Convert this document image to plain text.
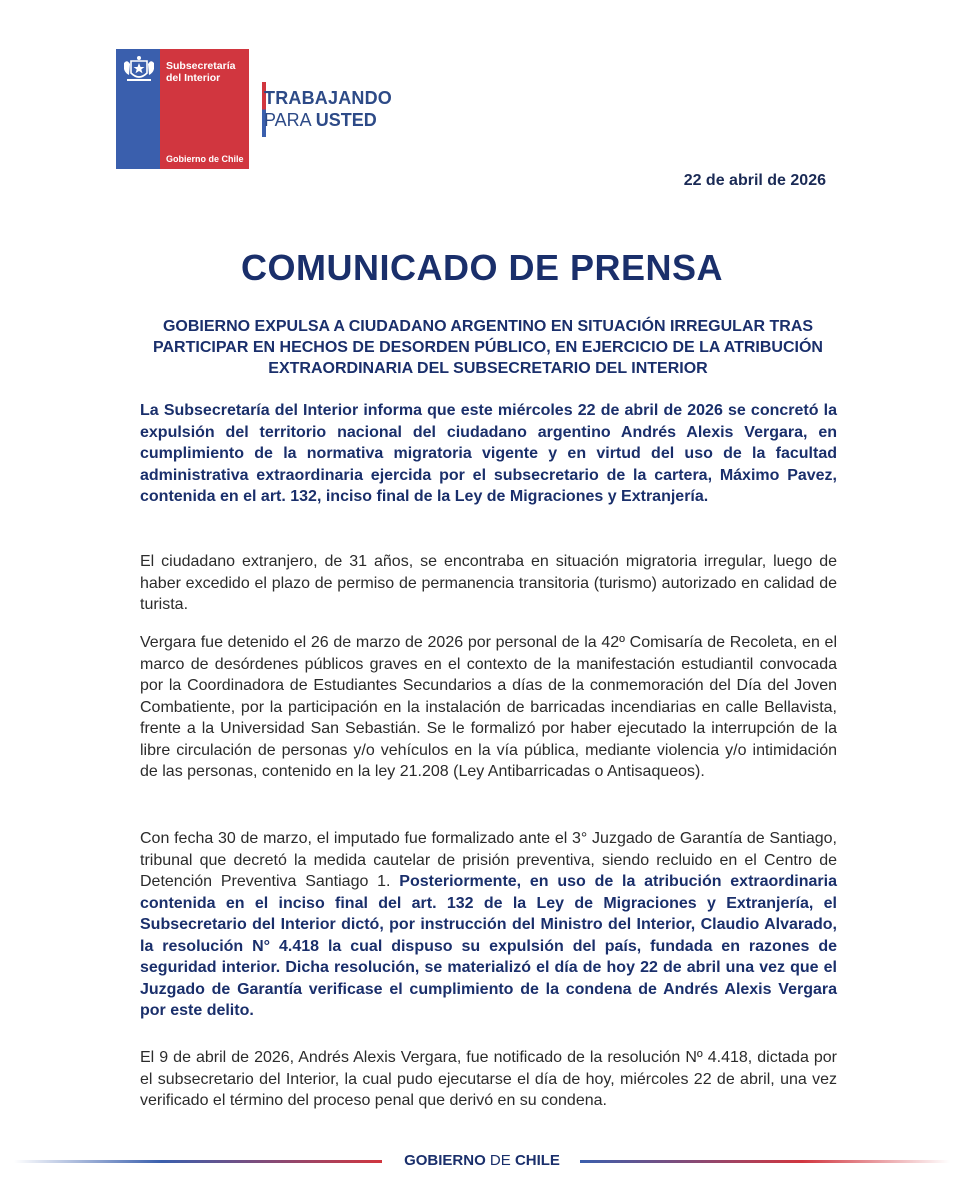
Subsecretaría
del Interior
Gobierno de Chile
TRABAJANDO
PARA USTED
22 de abril de 2026
COMUNICADO DE PRENSA
GOBIERNO EXPULSA A CIUDADANO ARGENTINO EN SITUACIÓN IRREGULAR TRAS PARTICIPAR EN HECHOS DE DESORDEN PÚBLICO, EN EJERCICIO DE LA ATRIBUCIÓN EXTRAORDINARIA DEL SUBSECRETARIO DEL INTERIOR
La Subsecretaría del Interior informa que este miércoles 22 de abril de 2026 se concretó la expulsión del territorio nacional del ciudadano argentino Andrés Alexis Vergara, en cumplimiento de la normativa migratoria vigente y en virtud del uso de la facultad administrativa extraordinaria ejercida por el subsecretario de la cartera, Máximo Pavez, contenida en el art. 132, inciso final de la Ley de Migraciones y Extranjería.
El ciudadano extranjero, de 31 años, se encontraba en situación migratoria irregular, luego de haber excedido el plazo de permiso de permanencia transitoria (turismo) autorizado en calidad de turista.
Vergara fue detenido el 26 de marzo de 2026 por personal de la 42º Comisaría de Recoleta, en el marco de desórdenes públicos graves en el contexto de la manifestación estudiantil convocada por la Coordinadora de Estudiantes Secundarios a días de la conmemoración del Día del Joven Combatiente, por la participación en la instalación de barricadas incendiarias en calle Bellavista, frente a la Universidad San Sebastián. Se le formalizó por haber ejecutado la interrupción de la libre circulación de personas y/o vehículos en la vía pública, mediante violencia y/o intimidación de las personas, contenido en la ley 21.208 (Ley Antibarricadas o Antisaqueos).
Con fecha 30 de marzo, el imputado fue formalizado ante el 3° Juzgado de Garantía de Santiago, tribunal que decretó la medida cautelar de prisión preventiva, siendo recluido en el Centro de Detención Preventiva Santiago 1. Posteriormente, en uso de la atribución extraordinaria contenida en el inciso final del art. 132 de la Ley de Migraciones y Extranjería, el Subsecretario del Interior dictó, por instrucción del Ministro del Interior, Claudio Alvarado, la resolución N° 4.418 la cual dispuso su expulsión del país, fundada en razones de seguridad interior. Dicha resolución, se materializó el día de hoy 22 de abril una vez que el Juzgado de Garantía verificase el cumplimiento de la condena de Andrés Alexis Vergara por este delito.
El 9 de abril de 2026, Andrés Alexis Vergara, fue notificado de la resolución Nº 4.418, dictada por el subsecretario del Interior, la cual pudo ejecutarse el día de hoy, miércoles 22 de abril, una vez verificado el término del proceso penal que derivó en su condena.
GOBIERNO DE CHILE
